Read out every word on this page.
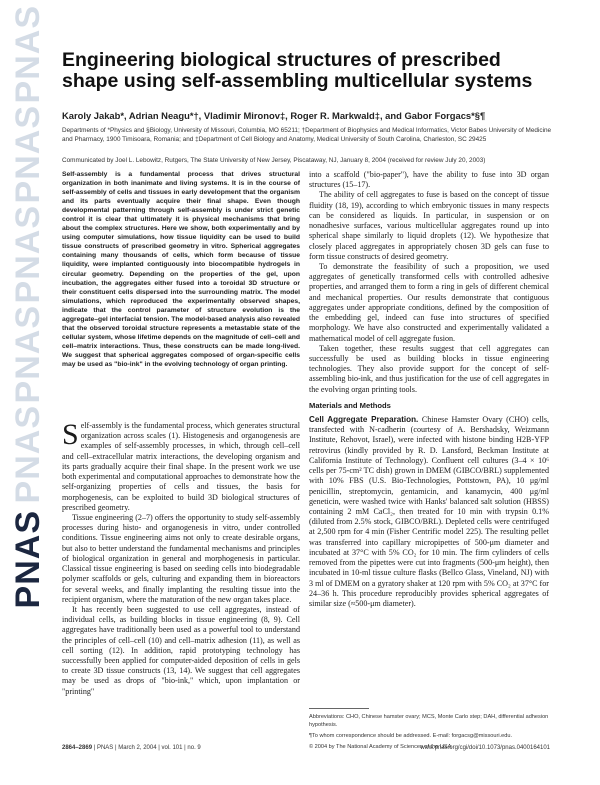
PNAS
PNAS
PNAS
PNAS
PNAS
PNAS
Engineering biological structures of prescribed shape using self-assembling multicellular systems
Karoly Jakab*, Adrian Neagu*†, Vladimir Mironov‡, Roger R. Markwald‡, and Gabor Forgacs*§¶
Departments of *Physics and §Biology, University of Missouri, Columbia, MO 65211; †Department of Biophysics and Medical Informatics, Victor Babes University of Medicine and Pharmacy, 1900 Timisoara, Romania; and ‡Department of Cell Biology and Anatomy, Medical University of South Carolina, Charleston, SC 29425
Communicated by Joel L. Lebowitz, Rutgers, The State University of New Jersey, Piscataway, NJ, January 8, 2004 (received for review July 20, 2003)

Self-assembly is a fundamental process that drives structural organization in both inanimate and living systems. It is in the course of self-assembly of cells and tissues in early development that the organism and its parts eventually acquire their final shape. Even though developmental patterning through self-assembly is under strict genetic control it is clear that ultimately it is physical mechanisms that bring about the complex structures. Here we show, both experimentally and by using computer simulations, how tissue liquidity can be used to build tissue constructs of prescribed geometry in vitro. Spherical aggregates containing many thousands of cells, which form because of tissue liquidity, were implanted contiguously into biocompatible hydrogels in circular geometry. Depending on the properties of the gel, upon incubation, the aggregates either fused into a toroidal 3D structure or their constituent cells dispersed into the surrounding matrix. The model simulations, which reproduced the experimentally observed shapes, indicate that the control parameter of structure evolution is the aggregate–gel interfacial tension. The model-based analysis also revealed that the observed toroidal structure represents a metastable state of the cellular system, whose lifetime depends on the magnitude of cell–cell and cell–matrix interactions. Thus, these constructs can be made long-lived. We suggest that spherical aggregates composed of organ-specific cells may be used as "bio-ink" in the evolving technology of organ printing.

Self-assembly is the fundamental process, which generates structural organization across scales (1). Histogenesis and organogenesis are examples of self-assembly processes, in which, through cell–cell and cell–extracellular matrix interactions, the developing organism and its parts gradually acquire their final shape. In the present work we use both experimental and computational approaches to demonstrate how the self-organizing properties of cells and tissues, the basis for morphogenesis, can be exploited to build 3D biological structures of prescribed geometry.

Tissue engineering (2–7) offers the opportunity to study self-assembly processes during histo- and organogenesis in vitro, under controlled conditions. Tissue engineering aims not only to create desirable organs, but also to better understand the fundamental mechanisms and principles of biological organization in general and morphogenesis in particular. Classical tissue engineering is based on seeding cells into biodegradable polymer scaffolds or gels, culturing and expanding them in bioreactors for several weeks, and finally implanting the resulting tissue into the recipient organism, where the maturation of the new organ takes place.

It has recently been suggested to use cell aggregates, instead of individual cells, as building blocks in tissue engineering (8, 9). Cell aggregates have traditionally been used as a powerful tool to understand the principles of cell–cell (10) and cell–matrix adhesion (11), as well as cell sorting (12). In addition, rapid prototyping technology has successfully been applied for computer-aided deposition of cells in gels to create 3D tissue constructs (13, 14). We suggest that cell aggregates may be used as drops of "bio-ink," which, upon implantation or "printing"

into a scaffold ("bio-paper"), have the ability to fuse into 3D organ structures (15–17).

The ability of cell aggregates to fuse is based on the concept of tissue fluidity (18, 19), according to which embryonic tissues in many respects can be considered as liquids. In particular, in suspension or on nonadhesive surfaces, various multicellular aggregates round up into spherical shape similarly to liquid droplets (12). We hypothesize that closely placed aggregates in appropriately chosen 3D gels can fuse to form tissue constructs of desired geometry.

To demonstrate the feasibility of such a proposition, we used aggregates of genetically transformed cells with controlled adhesive properties, and arranged them to form a ring in gels of different chemical and mechanical properties. Our results demonstrate that contiguous aggregates under appropriate conditions, defined by the composition of the embedding gel, indeed can fuse into structures of specified morphology. We have also constructed and experimentally validated a mathematical model of cell aggregate fusion.

Taken together, these results suggest that cell aggregates can successfully be used as building blocks in tissue engineering technologies. They also provide support for the concept of self-assembling bio-ink, and thus justification for the use of cell aggregates in the evolving organ printing tools.

Materials and Methods

Cell Aggregate Preparation. Chinese Hamster Ovary (CHO) cells, transfected with N-cadherin (courtesy of A. Bershadsky, Weizmann Institute, Rehovot, Israel), were infected with histone binding H2B-YFP retrovirus (kindly provided by R. D. Lansford, Beckman Institute at California Institute of Technology). Confluent cell cultures (3–4 × 10⁶ cells per 75-cm² TC dish) grown in DMEM (GIBCO/BRL) supplemented with 10% FBS (U.S. Bio-Technologies, Pottstown, PA), 10 μg/ml penicillin, streptomycin, gentamicin, and kanamycin, 400 μg/ml geneticin, were washed twice with Hanks' balanced salt solution (HBSS) containing 2 mM CaCl₂, then treated for 10 min with trypsin 0.1% (diluted from 2.5% stock, GIBCO/BRL). Depleted cells were centrifuged at 2,500 rpm for 4 min (Fisher Centrific model 225). The resulting pellet was transferred into capillary micropipettes of 500-μm diameter and incubated at 37°C with 5% CO₂ for 10 min. The firm cylinders of cells removed from the pipettes were cut into fragments (500-μm height), then incubated in 10-ml tissue culture flasks (Bellco Glass, Vineland, NJ) with 3 ml of DMEM on a gyratory shaker at 120 rpm with 5% CO₂ at 37°C for 24–36 h. This procedure reproducibly provides spherical aggregates of similar size (≈500-μm diameter).

Abbreviations: CHO, Chinese hamster ovary; MCS, Monte Carlo step; DAH, differential adhesion hypothesis.

¶To whom correspondence should be addressed. E-mail: forgacsg@missouri.edu.

© 2004 by The National Academy of Sciences of the USA

2864–2869 | PNAS | March 2, 2004 | vol. 101 | no. 9	www.pnas.org/cgi/doi/10.1073/pnas.0400164101
